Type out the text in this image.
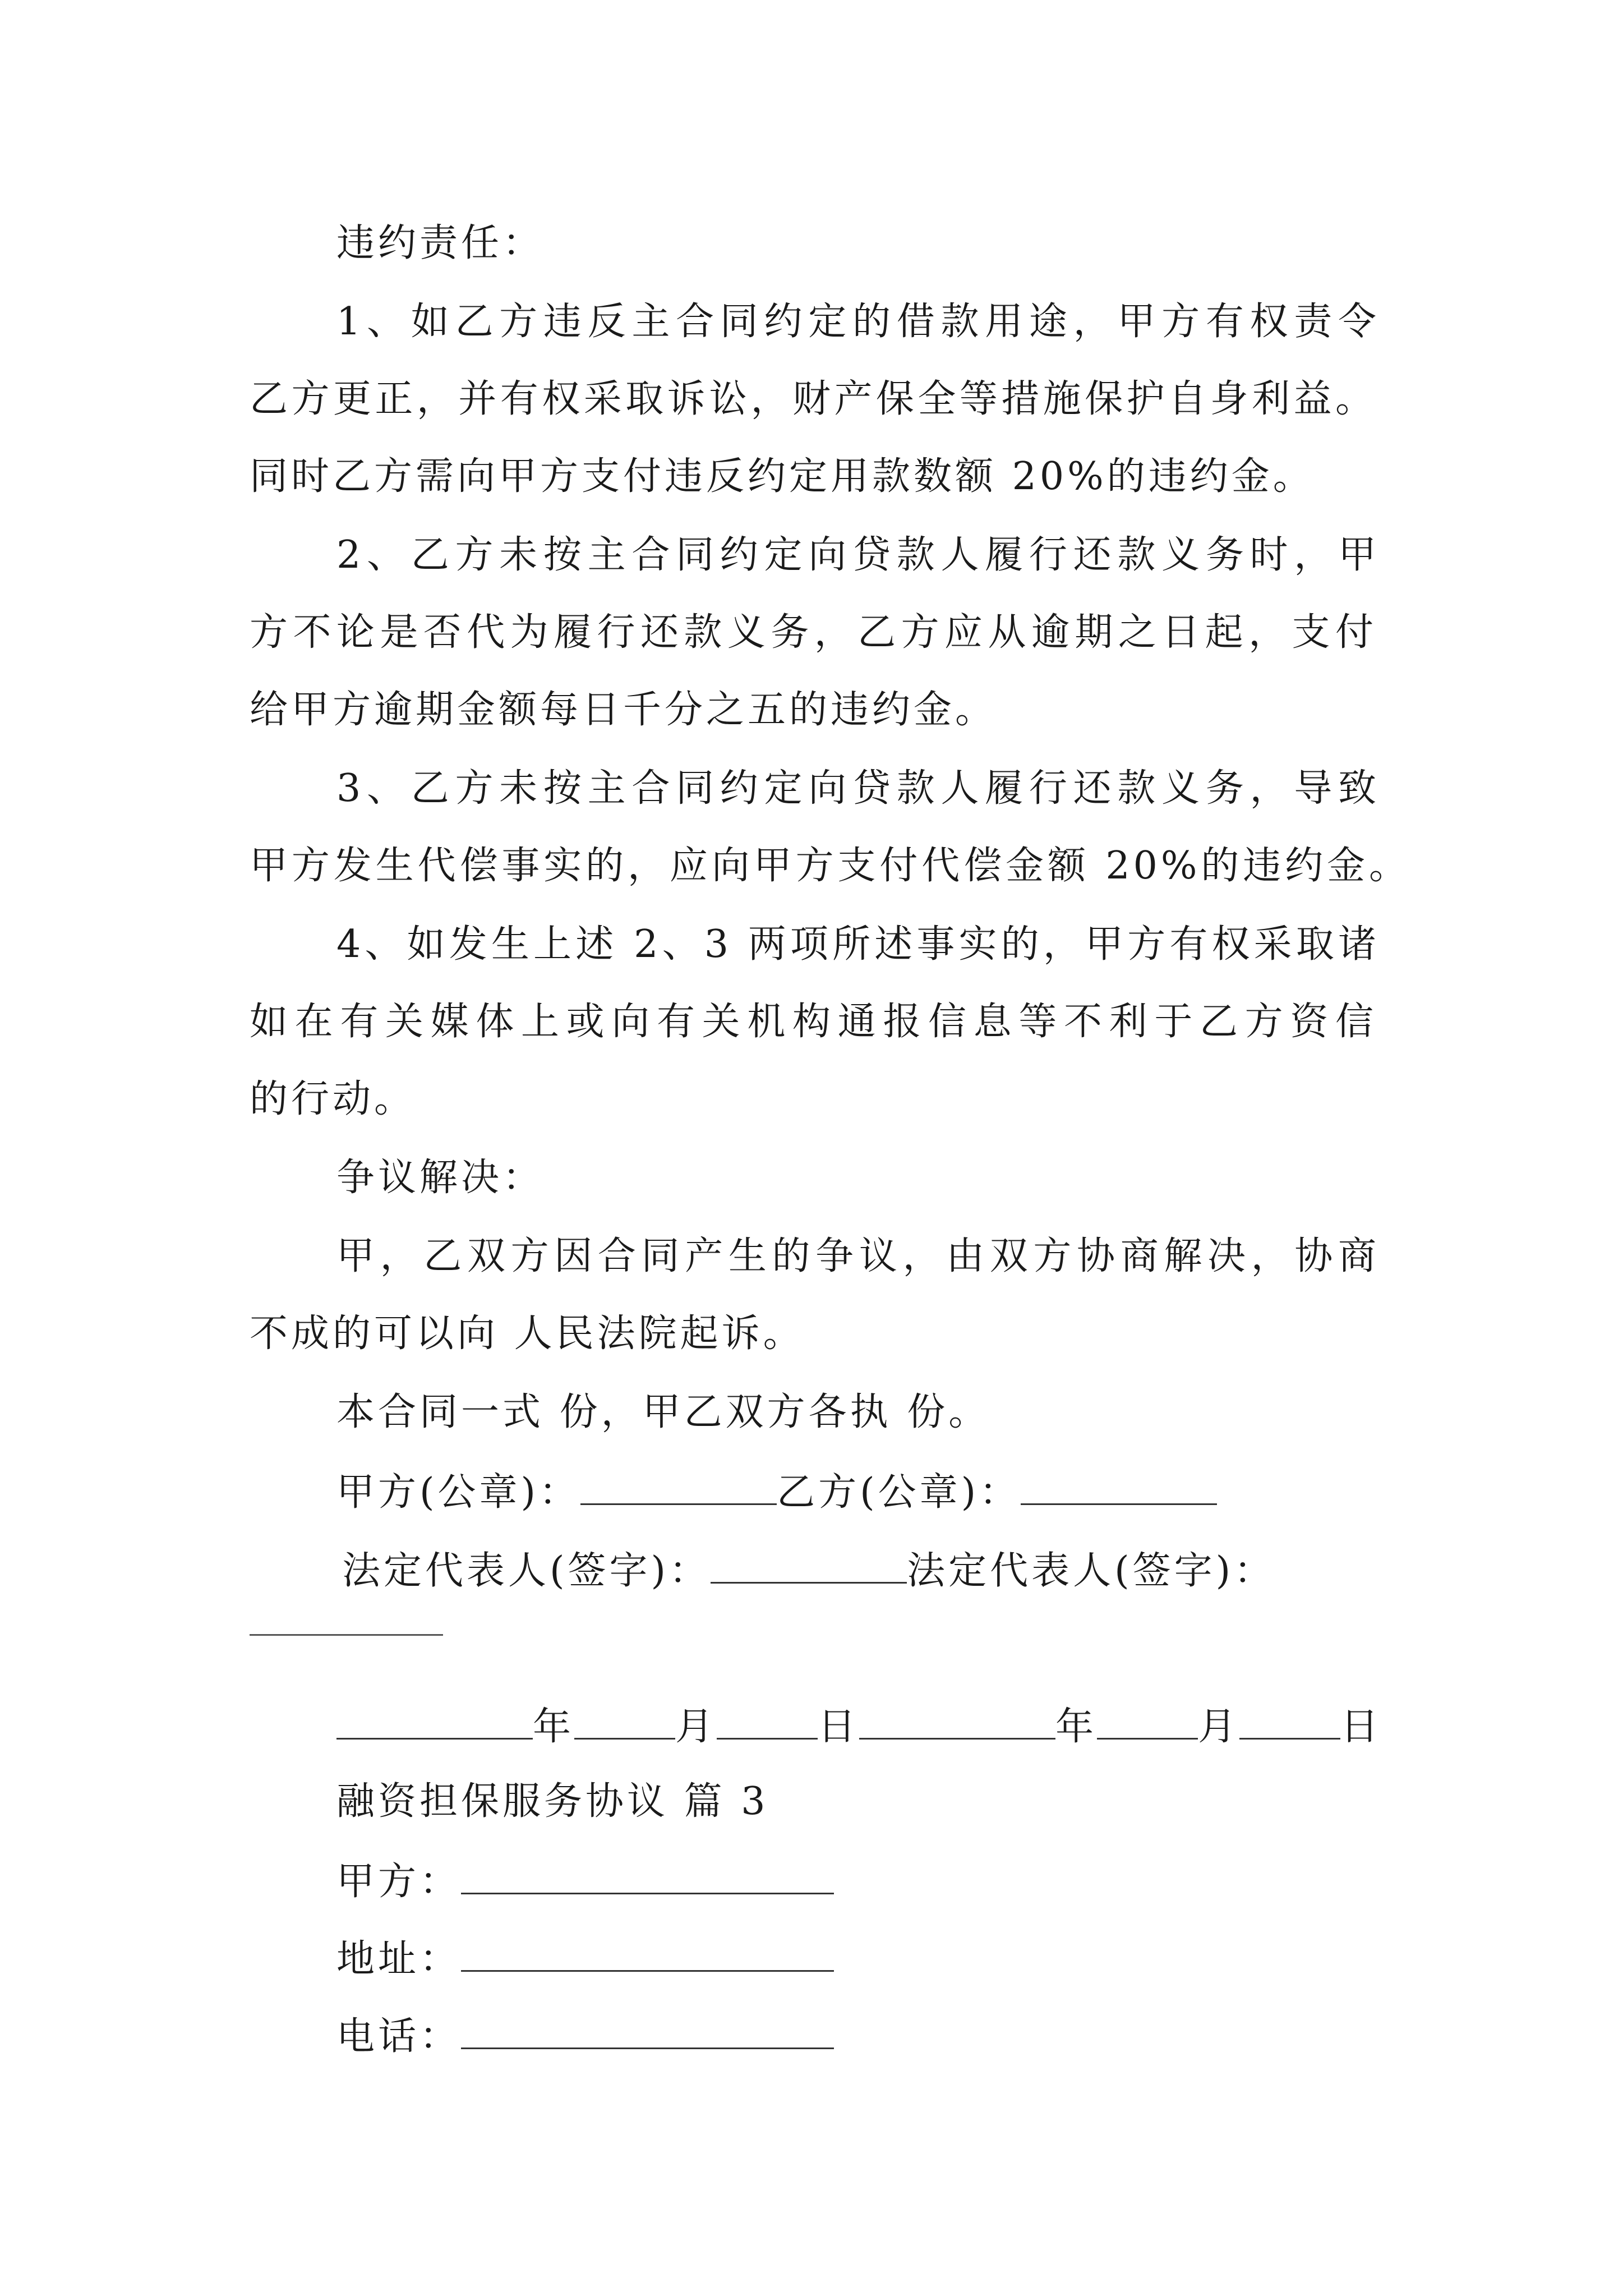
违约责任：
1、如乙方违反主合同约定的借款用途，甲方有权责令
乙方更正，并有权采取诉讼，财产保全等措施保护自身利益。
同时乙方需向甲方支付违反约定用款数额 20%的违约金。
2、乙方未按主合同约定向贷款人履行还款义务时，甲
方不论是否代为履行还款义务，乙方应从逾期之日起，支付
给甲方逾期金额每日千分之五的违约金。
3、乙方未按主合同约定向贷款人履行还款义务，导致
甲方发生代偿事实的，应向甲方支付代偿金额 20%的违约金。
4、如发生上述 2、3 两项所述事实的，甲方有权采取诸
如在有关媒体上或向有关机构通报信息等不利于乙方资信
的行动。
争议解决：
甲，乙双方因合同产生的争议，由双方协商解决，协商
不成的可以向 人民法院起诉。
本合同一式 份，甲乙双方各执 份。
甲方(公章)：	乙方(公章)：
法定代表人(签字)：	法定代表人(签字)：
年	月	日	年	月	日
融资担保服务协议 篇 3
甲方：
地址：
电话：
